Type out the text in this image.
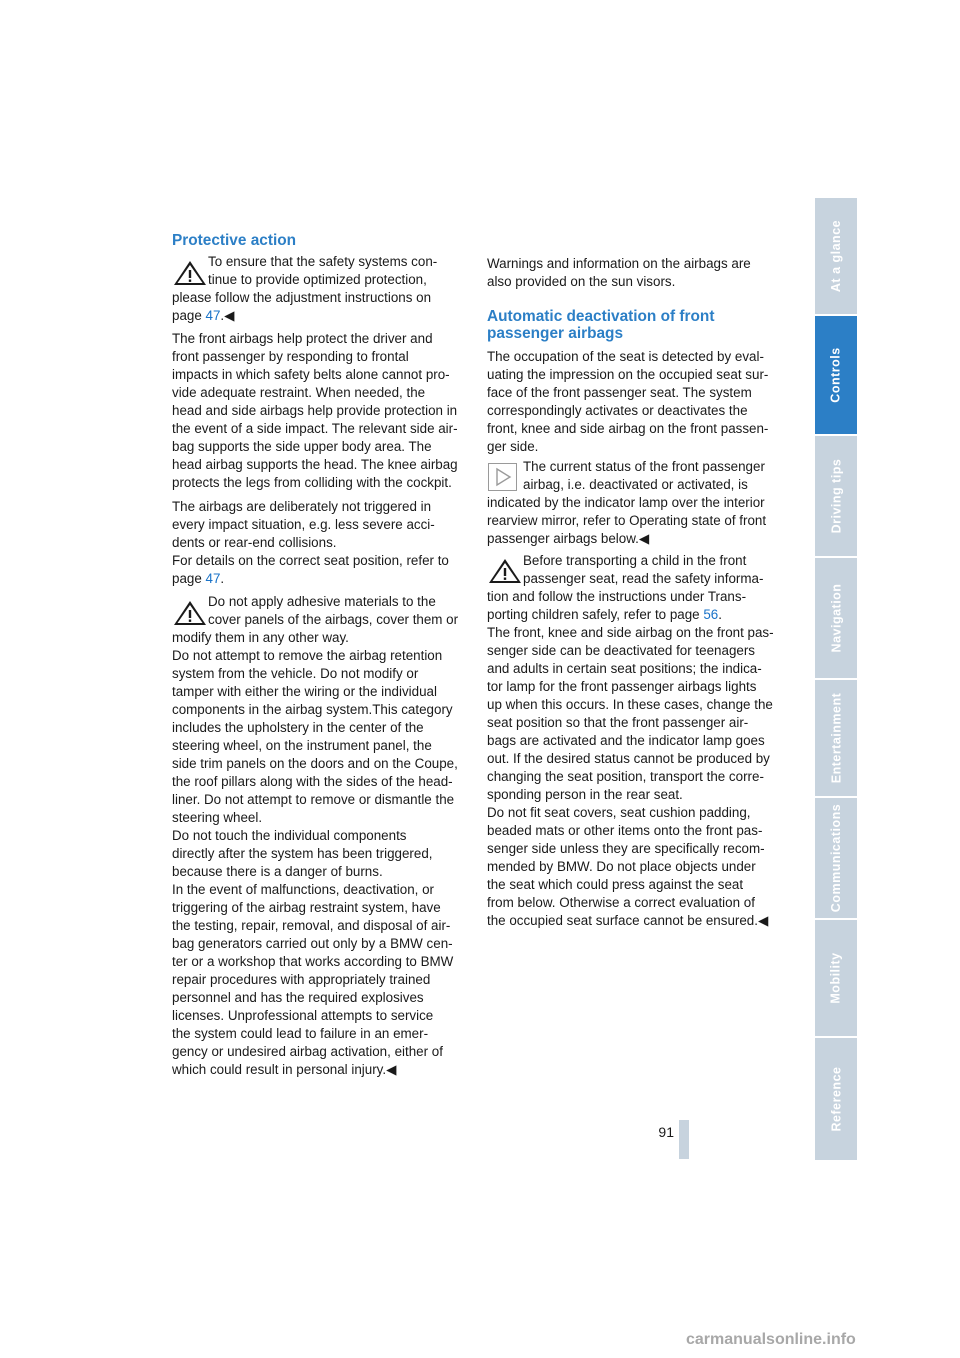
Protective action
To ensure that the safety systems con-
tinue to provide optimized protection,
please follow the adjustment instructions on
page 47.◀
The front airbags help protect the driver and
front passenger by responding to frontal
impacts in which safety belts alone cannot pro-
vide adequate restraint. When needed, the
head and side airbags help provide protection in
the event of a side impact. The relevant side air-
bag supports the side upper body area. The
head airbag supports the head. The knee airbag
protects the legs from colliding with the cockpit.
The airbags are deliberately not triggered in
every impact situation, e.g. less severe acci-
dents or rear-end collisions.
For details on the correct seat position, refer to
page 47.
Do not apply adhesive materials to the
cover panels of the airbags, cover them or
modify them in any other way.
Do not attempt to remove the airbag retention
system from the vehicle. Do not modify or
tamper with either the wiring or the individual
components in the airbag system.This category
includes the upholstery in the center of the
steering wheel, on the instrument panel, the
side trim panels on the doors and on the Coupe,
the roof pillars along with the sides of the head-
liner. Do not attempt to remove or dismantle the
steering wheel.
Do not touch the individual components
directly after the system has been triggered,
because there is a danger of burns.
In the event of malfunctions, deactivation, or
triggering of the airbag restraint system, have
the testing, repair, removal, and disposal of air-
bag generators carried out only by a BMW cen-
ter or a workshop that works according to BMW
repair procedures with appropriately trained
personnel and has the required explosives
licenses. Unprofessional attempts to service
the system could lead to failure in an emer-
gency or undesired airbag activation, either of
which could result in personal injury.◀
Warnings and information on the airbags are
also provided on the sun visors.
Automatic deactivation of front
passenger airbags
The occupation of the seat is detected by eval-
uating the impression on the occupied seat sur-
face of the front passenger seat. The system
correspondingly activates or deactivates the
front, knee and side airbag on the front passen-
ger side.
The current status of the front passenger
airbag, i.e. deactivated or activated, is
indicated by the indicator lamp over the interior
rearview mirror, refer to Operating state of front
passenger airbags below.◀
Before transporting a child in the front
passenger seat, read the safety informa-
tion and follow the instructions under Trans-
porting children safely, refer to page 56.
The front, knee and side airbag on the front pas-
senger side can be deactivated for teenagers
and adults in certain seat positions; the indica-
tor lamp for the front passenger airbags lights
up when this occurs. In these cases, change the
seat position so that the front passenger air-
bags are activated and the indicator lamp goes
out. If the desired status cannot be produced by
changing the seat position, transport the corre-
sponding person in the rear seat.
Do not fit seat covers, seat cushion padding,
beaded mats or other items onto the front pas-
senger side unless they are specifically recom-
mended by BMW. Do not place objects under
the seat which could press against the seat
from below. Otherwise a correct evaluation of
the occupied seat surface cannot be ensured.◀
At a glance
Controls
Driving tips
Navigation
Entertainment
Communications
Mobility
Reference
91
carmanualsonline.info
